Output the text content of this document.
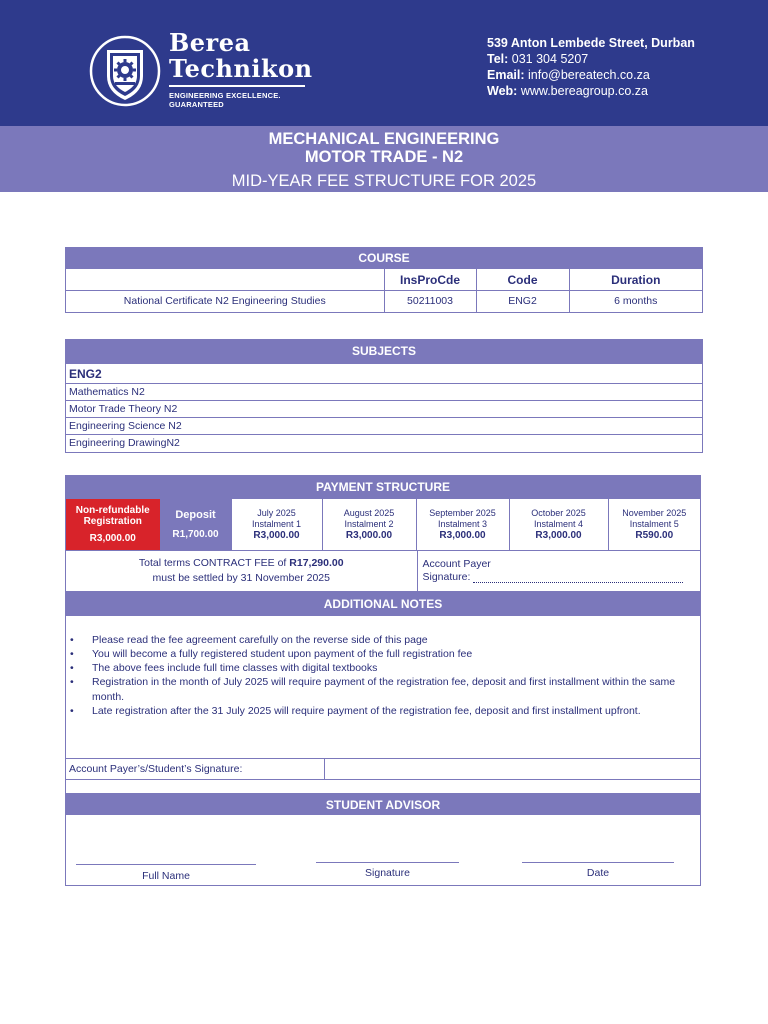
Berea
Technikon
ENGINEERING EXCELLENCE.
GUARANTEED
539 Anton Lembede Street, Durban
Tel: 031 304 5207
Email: info@bereatech.co.za
Web: www.bereagroup.co.za
MECHANICAL ENGINEERING
MOTOR TRADE - N2
MID-YEAR FEE STRUCTURE FOR 2025
COURSE
	InsProCde	Code	Duration
National Certificate N2 Engineering Studies	50211003	ENG2	6 months
SUBJECTS
ENG2
Mathematics N2
Motor Trade Theory N2
Engineering Science N2
Engineering DrawingN2
PAYMENT STRUCTURE
Non-refundable
Registration
R3,000.00

Deposit
R1,700.00

July 2025
Instalment 1
R3,000.00

August 2025
Instalment 2
R3,000.00

September 2025
Instalment 3
R3,000.00

October 2025
Instalment 4
R3,000.00

November 2025
Instalment 5
R590.00
Total terms CONTRACT FEE of R17,290.00
must be settled by 31 November 2025	
Account Payer
Signature:
ADDITIONAL NOTES
• Please read the fee agreement carefully on the reverse side of this page
• You will become a fully registered student upon payment of the full registration fee
• The above fees include full time classes with digital textbooks
• Registration in the month of July 2025 will require payment of the registration fee, deposit and first installment within the same month.
• Late registration after the 31 July 2025 will require payment of the registration fee, deposit and first installment upfront.
Account Payer’s/Student’s Signature:
STUDENT ADVISOR
Full Name	Signature	Date
